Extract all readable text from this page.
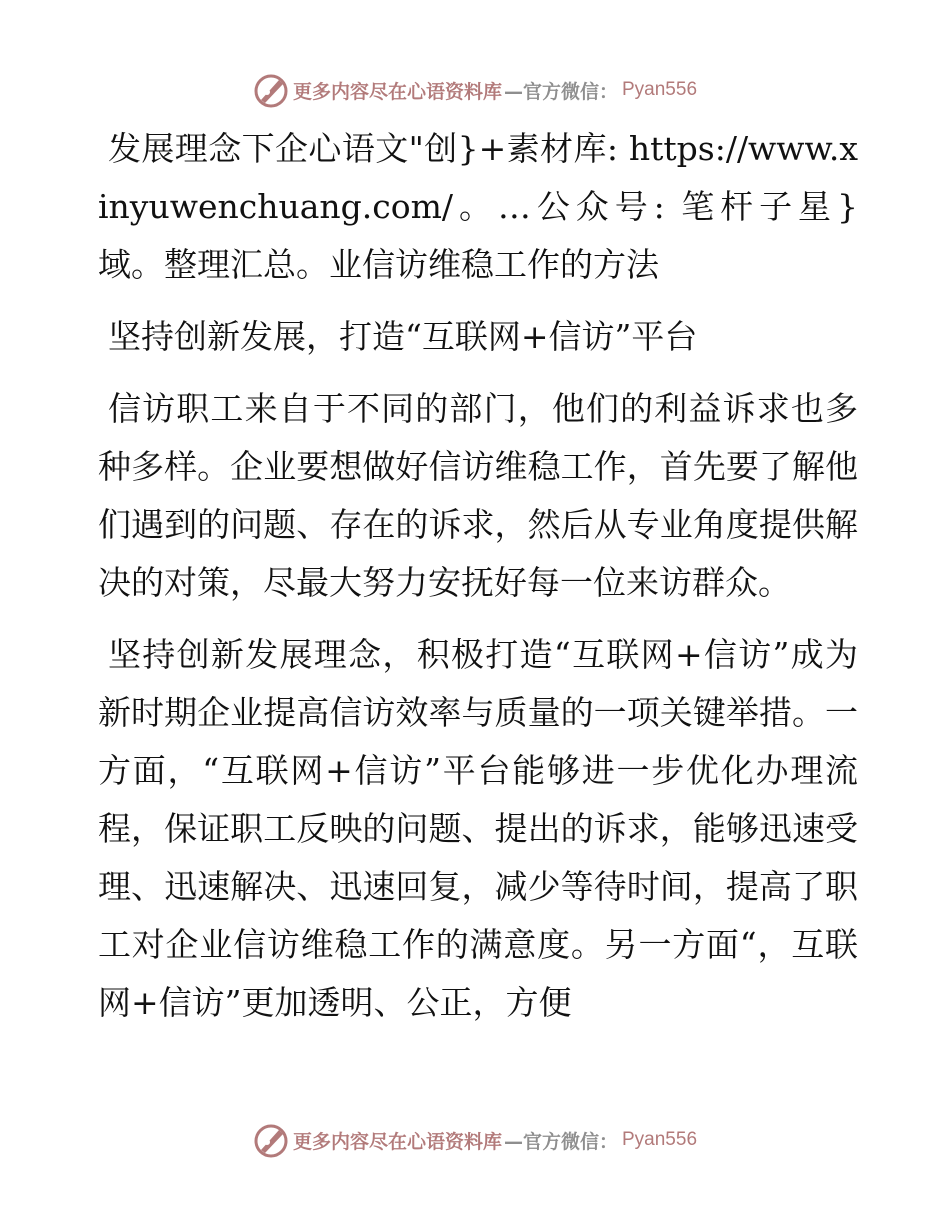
更多内容尽在心语资料库 —官方微信： Pyan556

发展理念下企心语文"创}+素材库: https://www.xinyuwenchuang.com/。…公众号: 笔杆子星}域。整理汇总。业信访维稳工作的方法

坚持创新发展，打造“互联网+信访”平台

信访职工来自于不同的部门，他们的利益诉求也多种多样。企业要想做好信访维稳工作，首先要了解他们遇到的问题、存在的诉求，然后从专业角度提供解决的对策，尽最大努力安抚好每一位来访群众。

坚持创新发展理念，积极打造“互联网+信访”成为新时期企业提高信访效率与质量的一项关键举措。一方面，“互联网+信访”平台能够进一步优化办理流程，保证职工反映的问题、提出的诉求，能够迅速受理、迅速解决、迅速回复，减少等待时间，提高了职工对企业信访维稳工作的满意度。另一方面“，互联网+信访”更加透明、公正，方便

更多内容尽在心语资料库 —官方微信： Pyan556
